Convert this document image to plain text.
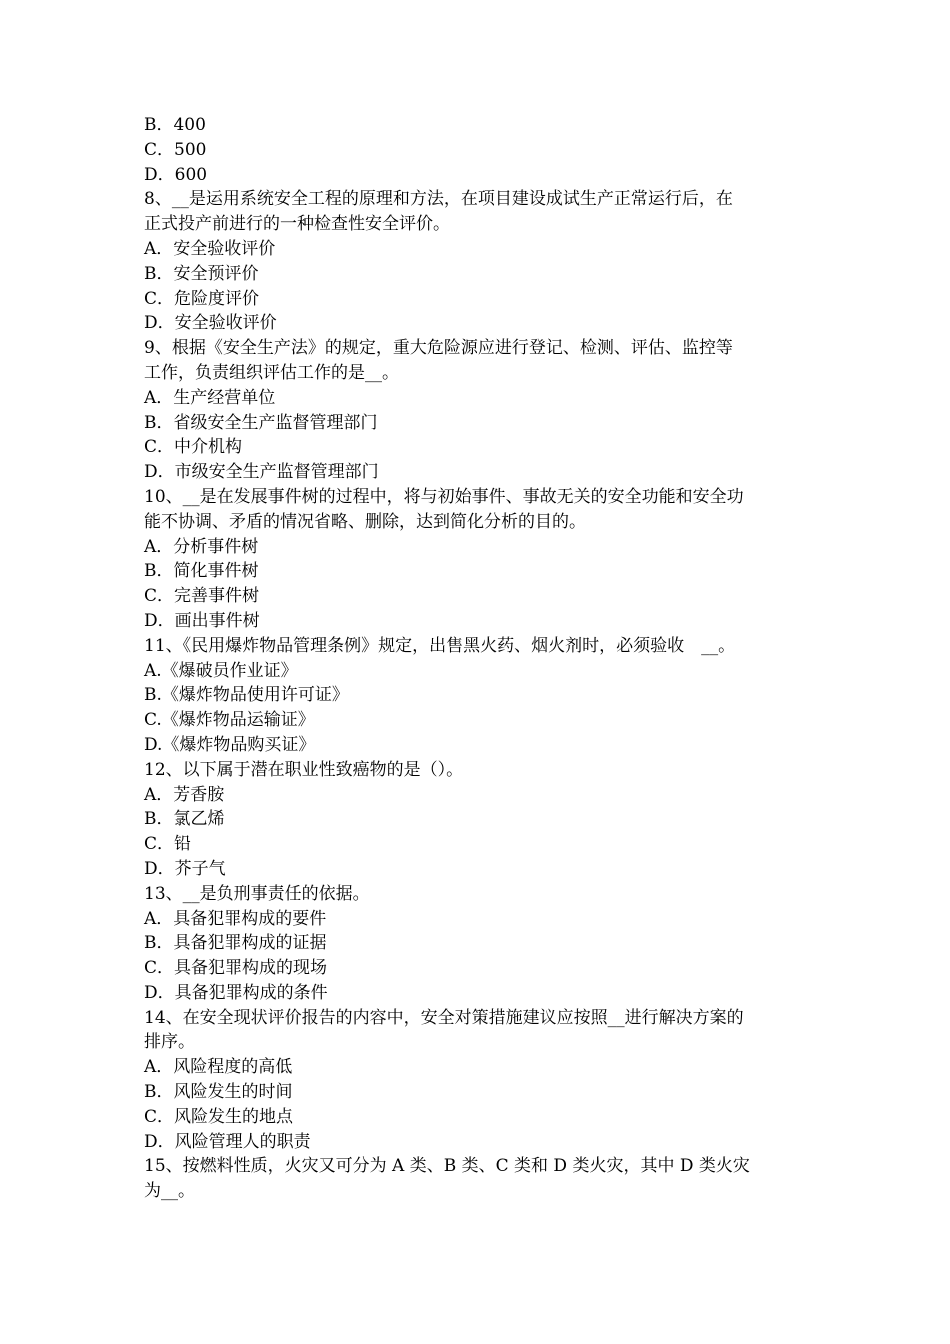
B．400
C．500
D．600
8、__是运用系统安全工程的原理和方法，在项目建设成试生产正常运行后，在
正式投产前进行的一种检查性安全评价。
A．安全验收评价
B．安全预评价
C．危险度评价
D．安全验收评价
9、根据《安全生产法》的规定，重大危险源应进行登记、检测、评估、监控等
工作，负责组织评估工作的是__。
A．生产经营单位
B．省级安全生产监督管理部门
C．中介机构
D．市级安全生产监督管理部门
10、__是在发展事件树的过程中，将与初始事件、事故无关的安全功能和安全功
能不协调、矛盾的情况省略、删除，达到简化分析的目的。
A．分析事件树
B．简化事件树
C．完善事件树
D．画出事件树
11、《民用爆炸物品管理条例》规定，出售黑火药、烟火剂时，必须验收　__。
A.《爆破员作业证》
B.《爆炸物品使用许可证》
C.《爆炸物品运输证》
D.《爆炸物品购买证》
12、以下属于潜在职业性致癌物的是（）。
A．芳香胺
B．氯乙烯
C．铅
D．芥子气
13、__是负刑事责任的依据。
A．具备犯罪构成的要件
B．具备犯罪构成的证据
C．具备犯罪构成的现场
D．具备犯罪构成的条件
14、在安全现状评价报告的内容中，安全对策措施建议应按照__进行解决方案的
排序。
A．风险程度的高低
B．风险发生的时间
C．风险发生的地点
D．风险管理人的职责
15、按燃料性质，火灾又可分为 A 类、B 类、C 类和 D 类火灾，其中 D 类火灾
为__。
